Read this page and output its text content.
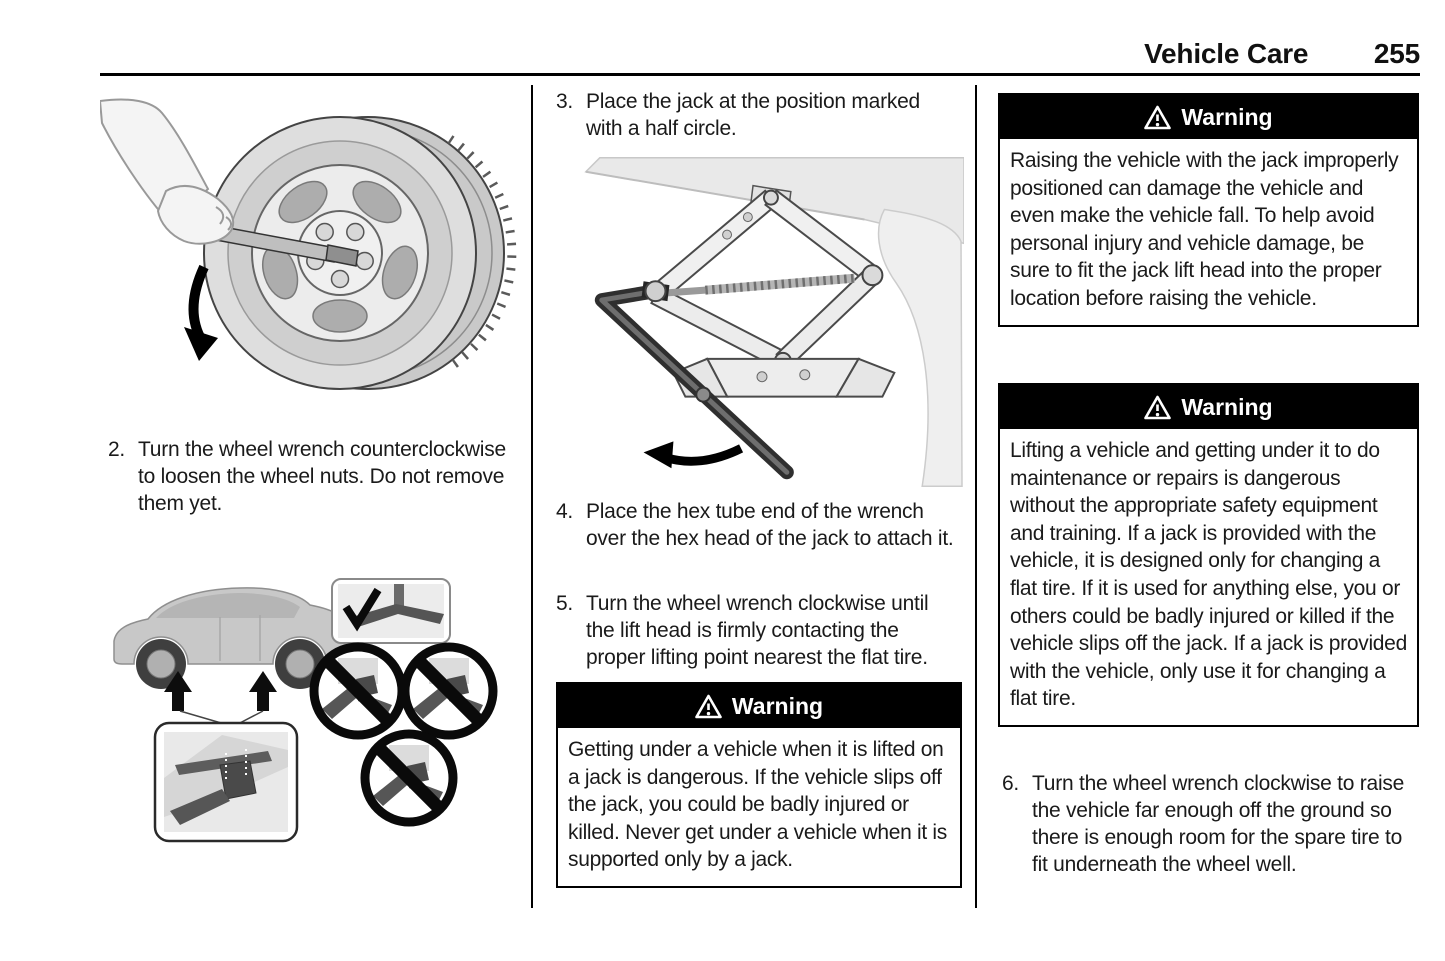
Vehicle Care 255
2. Turn the wheel wrench counterclockwise to loosen the wheel nuts. Do not remove them yet.
3. Place the jack at the position marked with a half circle.
4. Place the hex tube end of the wrench over the hex head of the jack to attach it.
5. Turn the wheel wrench clockwise until the lift head is firmly contacting the proper lifting point nearest the flat tire.
Warning
Getting under a vehicle when it is lifted on a jack is dangerous. If the vehicle slips off the jack, you could be badly injured or killed. Never get under a vehicle when it is supported only by a jack.
Warning
Raising the vehicle with the jack improperly positioned can damage the vehicle and even make the vehicle fall. To help avoid personal injury and vehicle damage, be sure to fit the jack lift head into the proper location before raising the vehicle.
Warning
Lifting a vehicle and getting under it to do maintenance or repairs is dangerous without the appropriate safety equipment and training. If a jack is provided with the vehicle, it is designed only for changing a flat tire. If it is used for anything else, you or others could be badly injured or killed if the vehicle slips off the jack. If a jack is provided with the vehicle, only use it for changing a flat tire.
6. Turn the wheel wrench clockwise to raise the vehicle far enough off the ground so there is enough room for the spare tire to fit underneath the wheel well.
